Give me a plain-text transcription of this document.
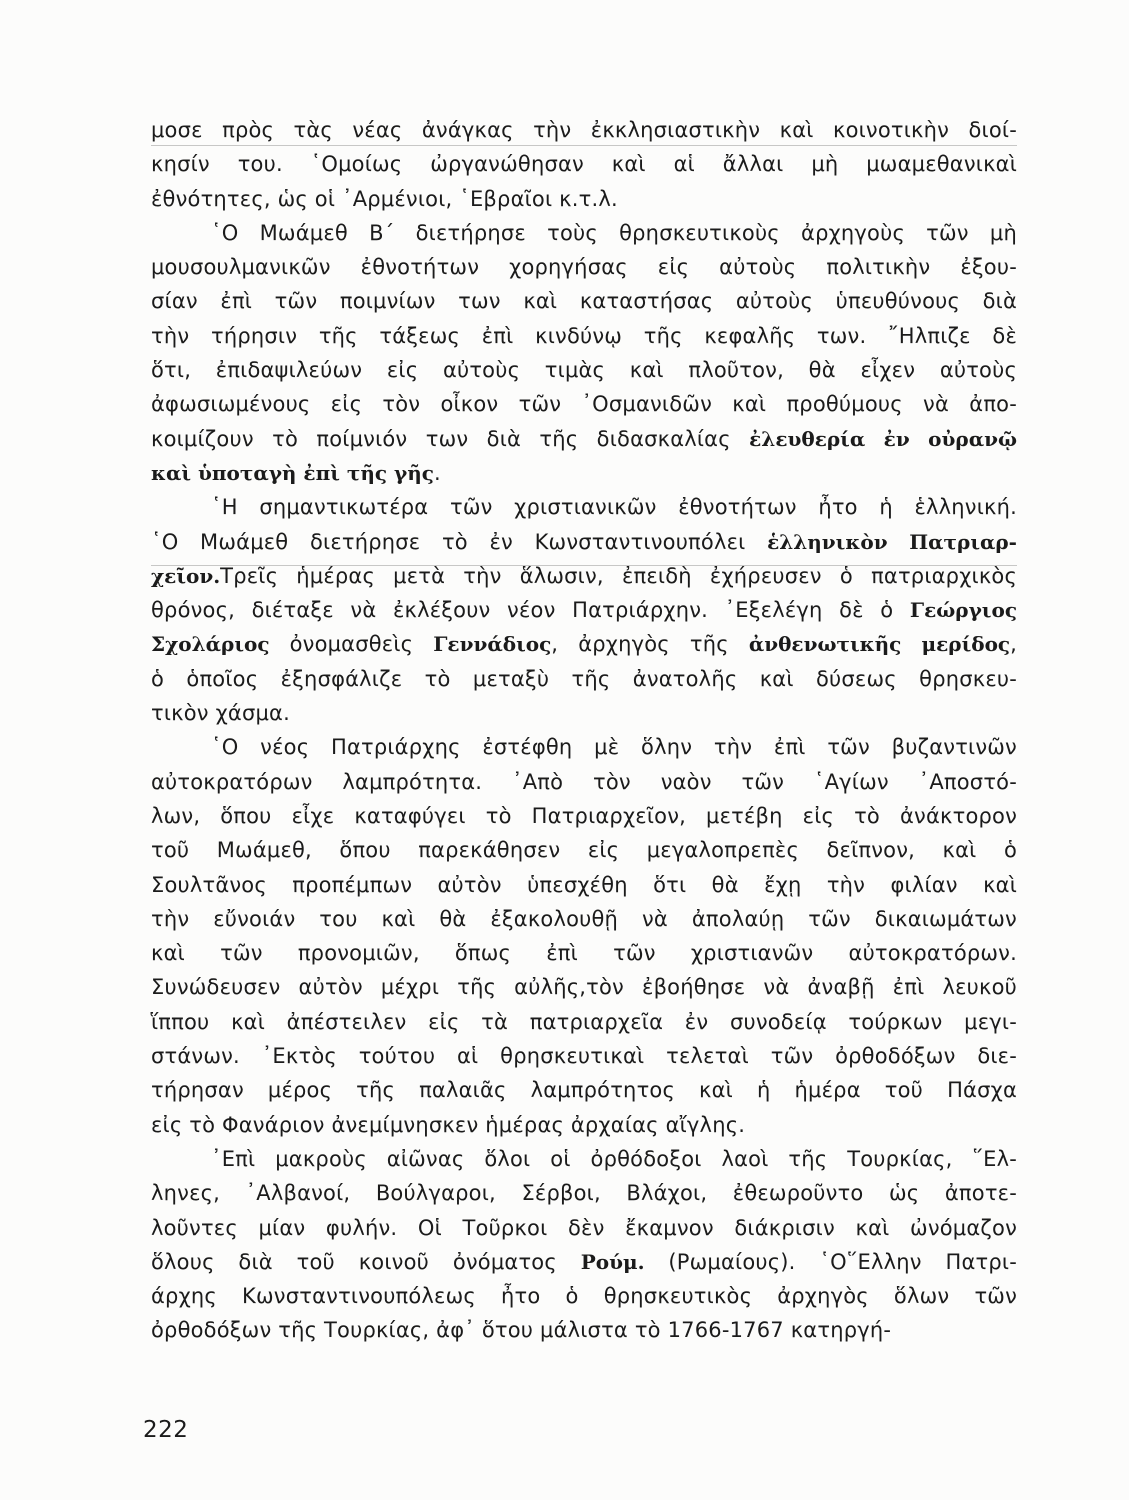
μοσε πρὸς τὰς νέας ἀνάγκας τὴν ἐκκλησιαστικὴν καὶ κοινοτικὴν διοί-
κησίν του. ῾Ομοίως ὠργανώθησαν καὶ αἱ ἄλλαι μὴ μωαμεθανικαὶ
ἐθνότητες, ὡς οἱ ᾿Αρμένιοι, ῾Εβραῖοι κ.τ.λ.
῾Ο Μωάμεθ Β΄ διετήρησε τοὺς θρησκευτικοὺς ἀρχηγοὺς τῶν μὴ
μουσουλμανικῶν ἐθνοτήτων χορηγήσας εἰς αὐτοὺς πολιτικὴν ἐξου-
σίαν ἐπὶ τῶν ποιμνίων των καὶ καταστήσας αὐτοὺς ὑπευθύνους διὰ
τὴν τήρησιν τῆς τάξεως ἐπὶ κινδύνῳ τῆς κεφαλῆς των. ῎Ηλπιζε δὲ
ὅτι, ἐπιδαψιλεύων εἰς αὐτοὺς τιμὰς καὶ πλοῦτον, θὰ εἶχεν αὐτοὺς
ἀφωσιωμένους εἰς τὸν οἶκον τῶν ᾿Οσμανιδῶν καὶ προθύμους νὰ ἀπο-
κοιμίζουν τὸ ποίμνιόν των διὰ τῆς διδασκαλίας ἐλευθερία ἐν οὐρανῷ
καὶ ὑποταγὴ ἐπὶ τῆς γῆς.
῾Η σημαντικωτέρα τῶν χριστιανικῶν ἐθνοτήτων ἦτο ἡ ἑλληνική.
῾Ο Μωάμεθ διετήρησε τὸ ἐν Κωνσταντινουπόλει ἑλληνικὸν Πατριαρ-
χεῖον.Τρεῖς ἡμέρας μετὰ τὴν ἅλωσιν, ἐπειδὴ ἐχήρευσεν ὁ πατριαρχικὸς
θρόνος, διέταξε νὰ ἐκλέξουν νέον Πατριάρχην. ᾿Εξελέγη δὲ ὁ Γεώργιος
Σχολάριος ὀνομασθεὶς Γεννάδιος, ἀρχηγὸς τῆς ἀνθενωτικῆς μερίδος,
ὁ ὁποῖος ἐξησφάλιζε τὸ μεταξὺ τῆς ἀνατολῆς καὶ δύσεως θρησκευ-
τικὸν χάσμα.
῾Ο νέος Πατριάρχης ἐστέφθη μὲ ὅλην τὴν ἐπὶ τῶν βυζαντινῶν
αὐτοκρατόρων λαμπρότητα. ᾿Απὸ τὸν ναὸν τῶν ῾Αγίων ᾿Αποστό-
λων, ὅπου εἶχε καταφύγει τὸ Πατριαρχεῖον, μετέβη εἰς τὸ ἀνάκτορον
τοῦ Μωάμεθ, ὅπου παρεκάθησεν εἰς μεγαλοπρεπὲς δεῖπνον, καὶ ὁ
Σουλτᾶνος προπέμπων αὐτὸν ὑπεσχέθη ὅτι θὰ ἔχῃ τὴν φιλίαν καὶ
τὴν εὔνοιάν του καὶ θὰ ἐξακολουθῇ νὰ ἀπολαύῃ τῶν δικαιωμάτων
καὶ τῶν προνομιῶν, ὅπως ἐπὶ τῶν χριστιανῶν αὐτοκρατόρων.
Συνώδευσεν αὐτὸν μέχρι τῆς αὐλῆς,τὸν ἐβοήθησε νὰ ἀναβῇ ἐπὶ λευκοῦ
ἵππου καὶ ἀπέστειλεν εἰς τὰ πατριαρχεῖα ἐν συνοδείᾳ τούρκων μεγι-
στάνων. ᾿Εκτὸς τούτου αἱ θρησκευτικαὶ τελεταὶ τῶν ὀρθοδόξων διε-
τήρησαν μέρος τῆς παλαιᾶς λαμπρότητος καὶ ἡ ἡμέρα τοῦ Πάσχα
εἰς τὸ Φανάριον ἀνεμίμνησκεν ἡμέρας ἀρχαίας αἴγλης.
᾿Επὶ μακροὺς αἰῶνας ὅλοι οἱ ὀρθόδοξοι λαοὶ τῆς Τουρκίας, ῞Ελ-
ληνες, ᾿Αλβανοί, Βούλγαροι, Σέρβοι, Βλάχοι, ἐθεωροῦντο ὡς ἀποτε-
λοῦντες μίαν φυλήν. Οἱ Τοῦρκοι δὲν ἔκαμνον διάκρισιν καὶ ὠνόμαζον
ὅλους διὰ τοῦ κοινοῦ ὀνόματος Ρούμ. (Ρωμαίους). ῾Ο῞Ελλην Πατρι-
άρχης Κωνσταντινουπόλεως ἦτο ὁ θρησκευτικὸς ἀρχηγὸς ὅλων τῶν
ὀρθοδόξων τῆς Τουρκίας, ἀφ᾿ ὅτου μάλιστα τὸ 1766-1767 κατηργή-
222
